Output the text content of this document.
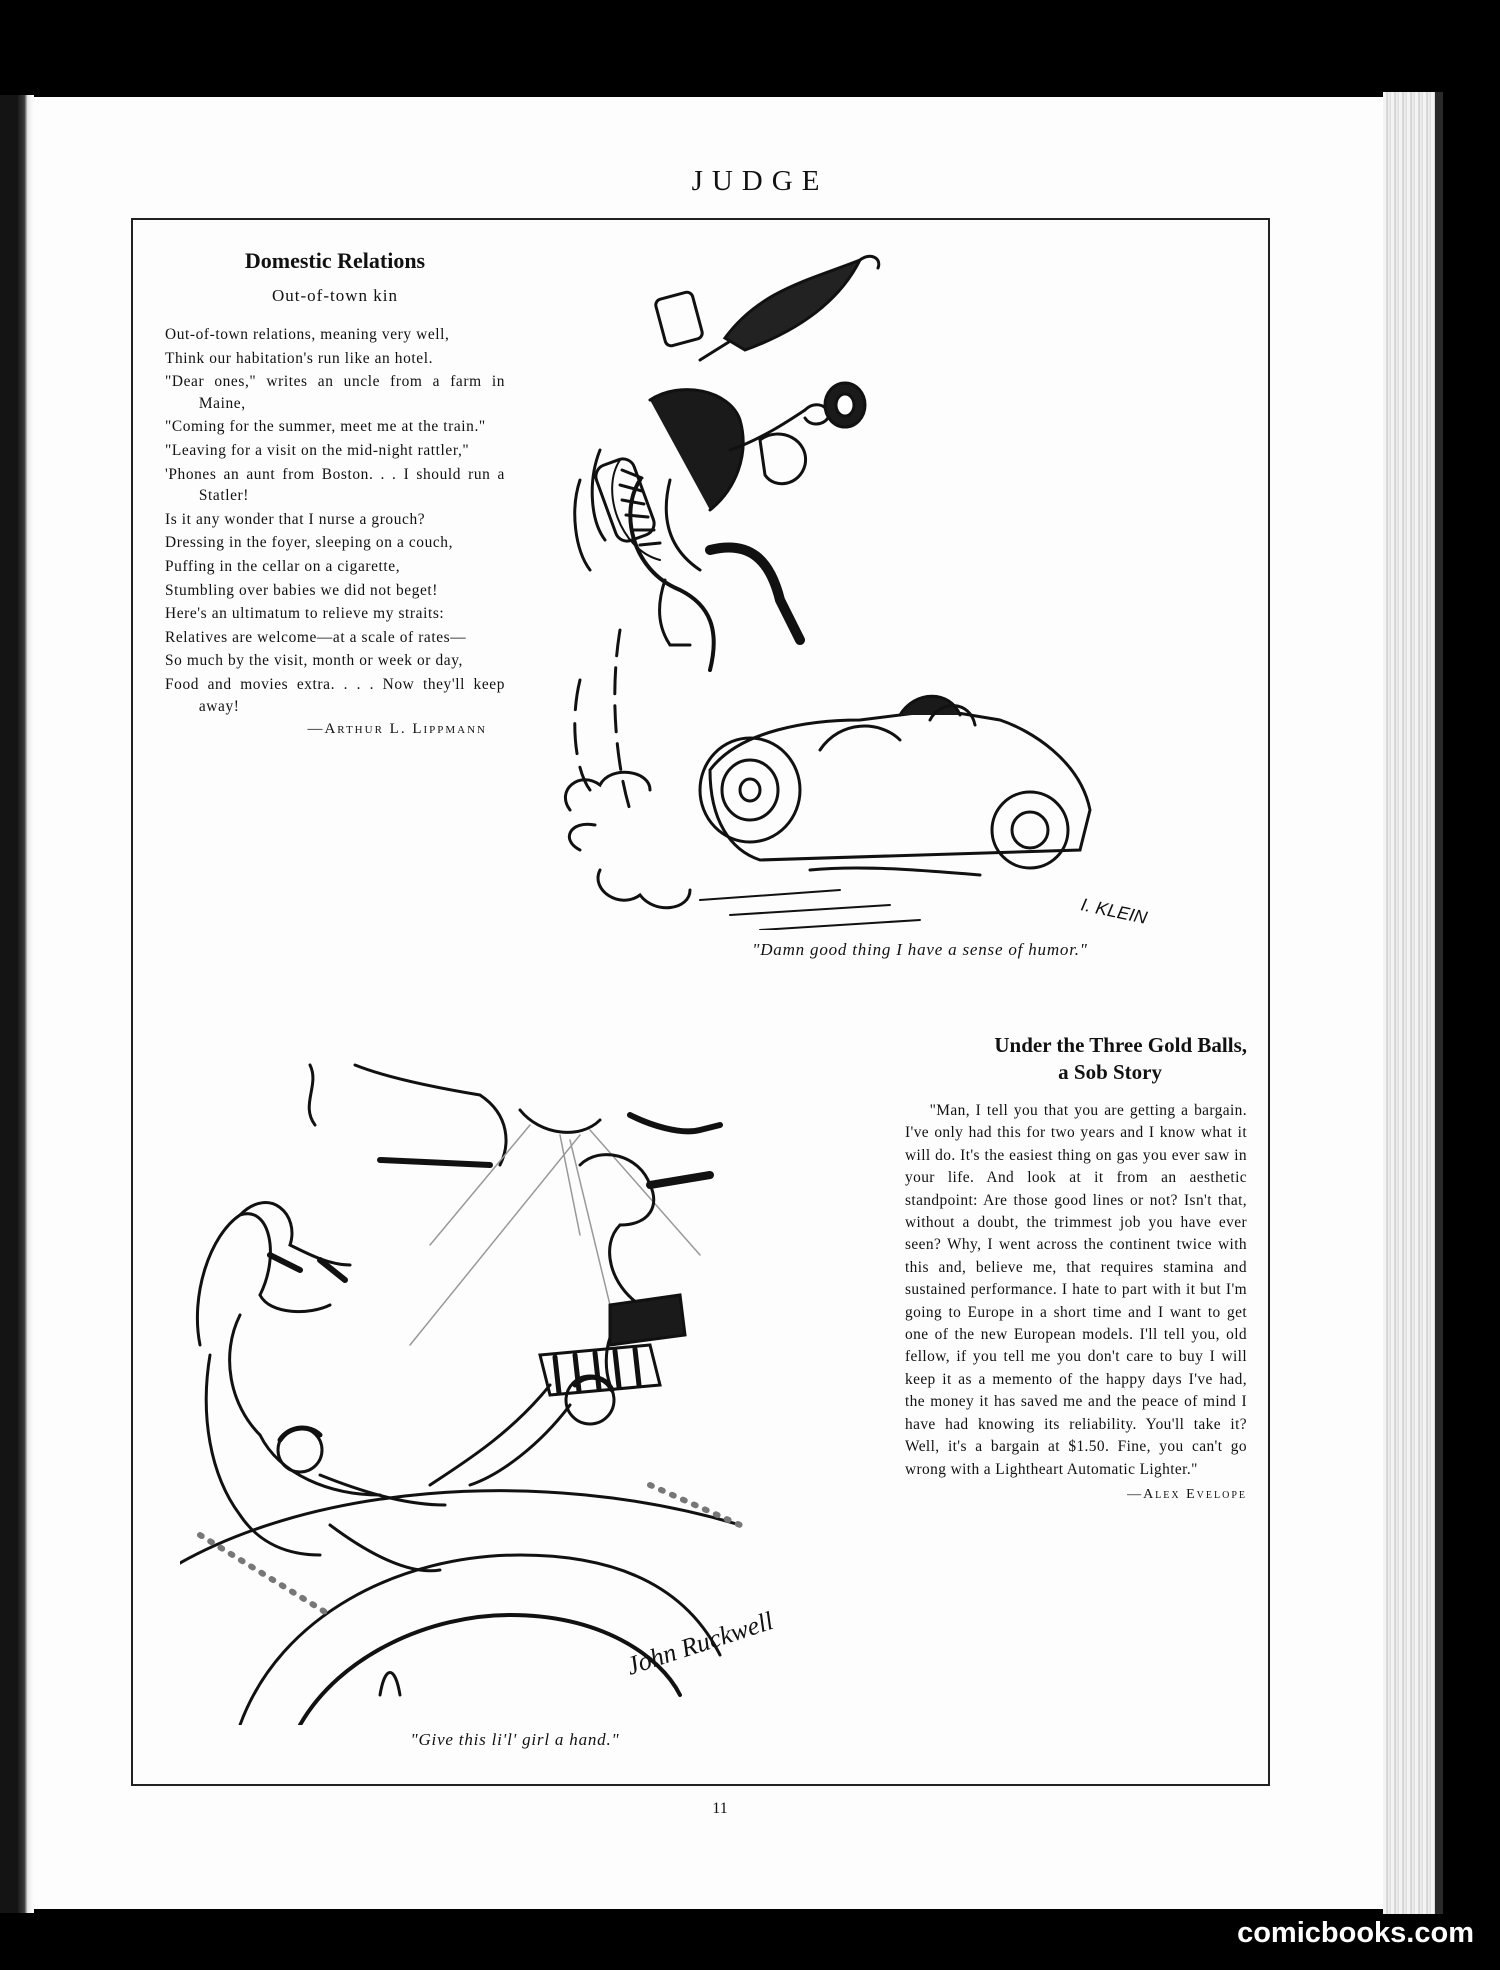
JUDGE
Domestic Relations
Out-of-town kin
Out-of-town relations, meaning very well,
Think our habitation's run like an hotel.
"Dear ones," writes an uncle from a farm in Maine,
"Coming for the summer, meet me at the train."
"Leaving for a visit on the mid-night rattler,"
'Phones an aunt from Boston. . . I should run a Statler!
Is it any wonder that I nurse a grouch?
Dressing in the foyer, sleeping on a couch,
Puffing in the cellar on a cigarette,
Stumbling over babies we did not beget!
Here's an ultimatum to relieve my straits:
Relatives are welcome—at a scale of rates—
So much by the visit, month or week or day,
Food and movies extra. . . . Now they'll keep away!
—Arthur L. Lippmann
I. KLEIN
"Damn good thing I have a sense of humor."
John Ruckwell
"Give this li'l' girl a hand."
Under the Three Gold Balls,
a Sob Story

"Man, I tell you that you are getting a bargain. I've only had this for two years and I know what it will do. It's the easiest thing on gas you ever saw in your life. And look at it from an aesthetic standpoint: Are those good lines or not? Isn't that, without a doubt, the trimmest job you have ever seen? Why, I went across the continent twice with this and, believe me, that requires stamina and sustained performance. I hate to part with it but I'm going to Europe in a short time and I want to get one of the new European models. I'll tell you, old fellow, if you tell me you don't care to buy I will keep it as a memento of the happy days I've had, the money it has saved me and the peace of mind I have had knowing its reliability. You'll take it? Well, it's a bargain at $1.50. Fine, you can't go wrong with a Lightheart Automatic Lighter."

—Alex Evelope
11
comicbooks.com
